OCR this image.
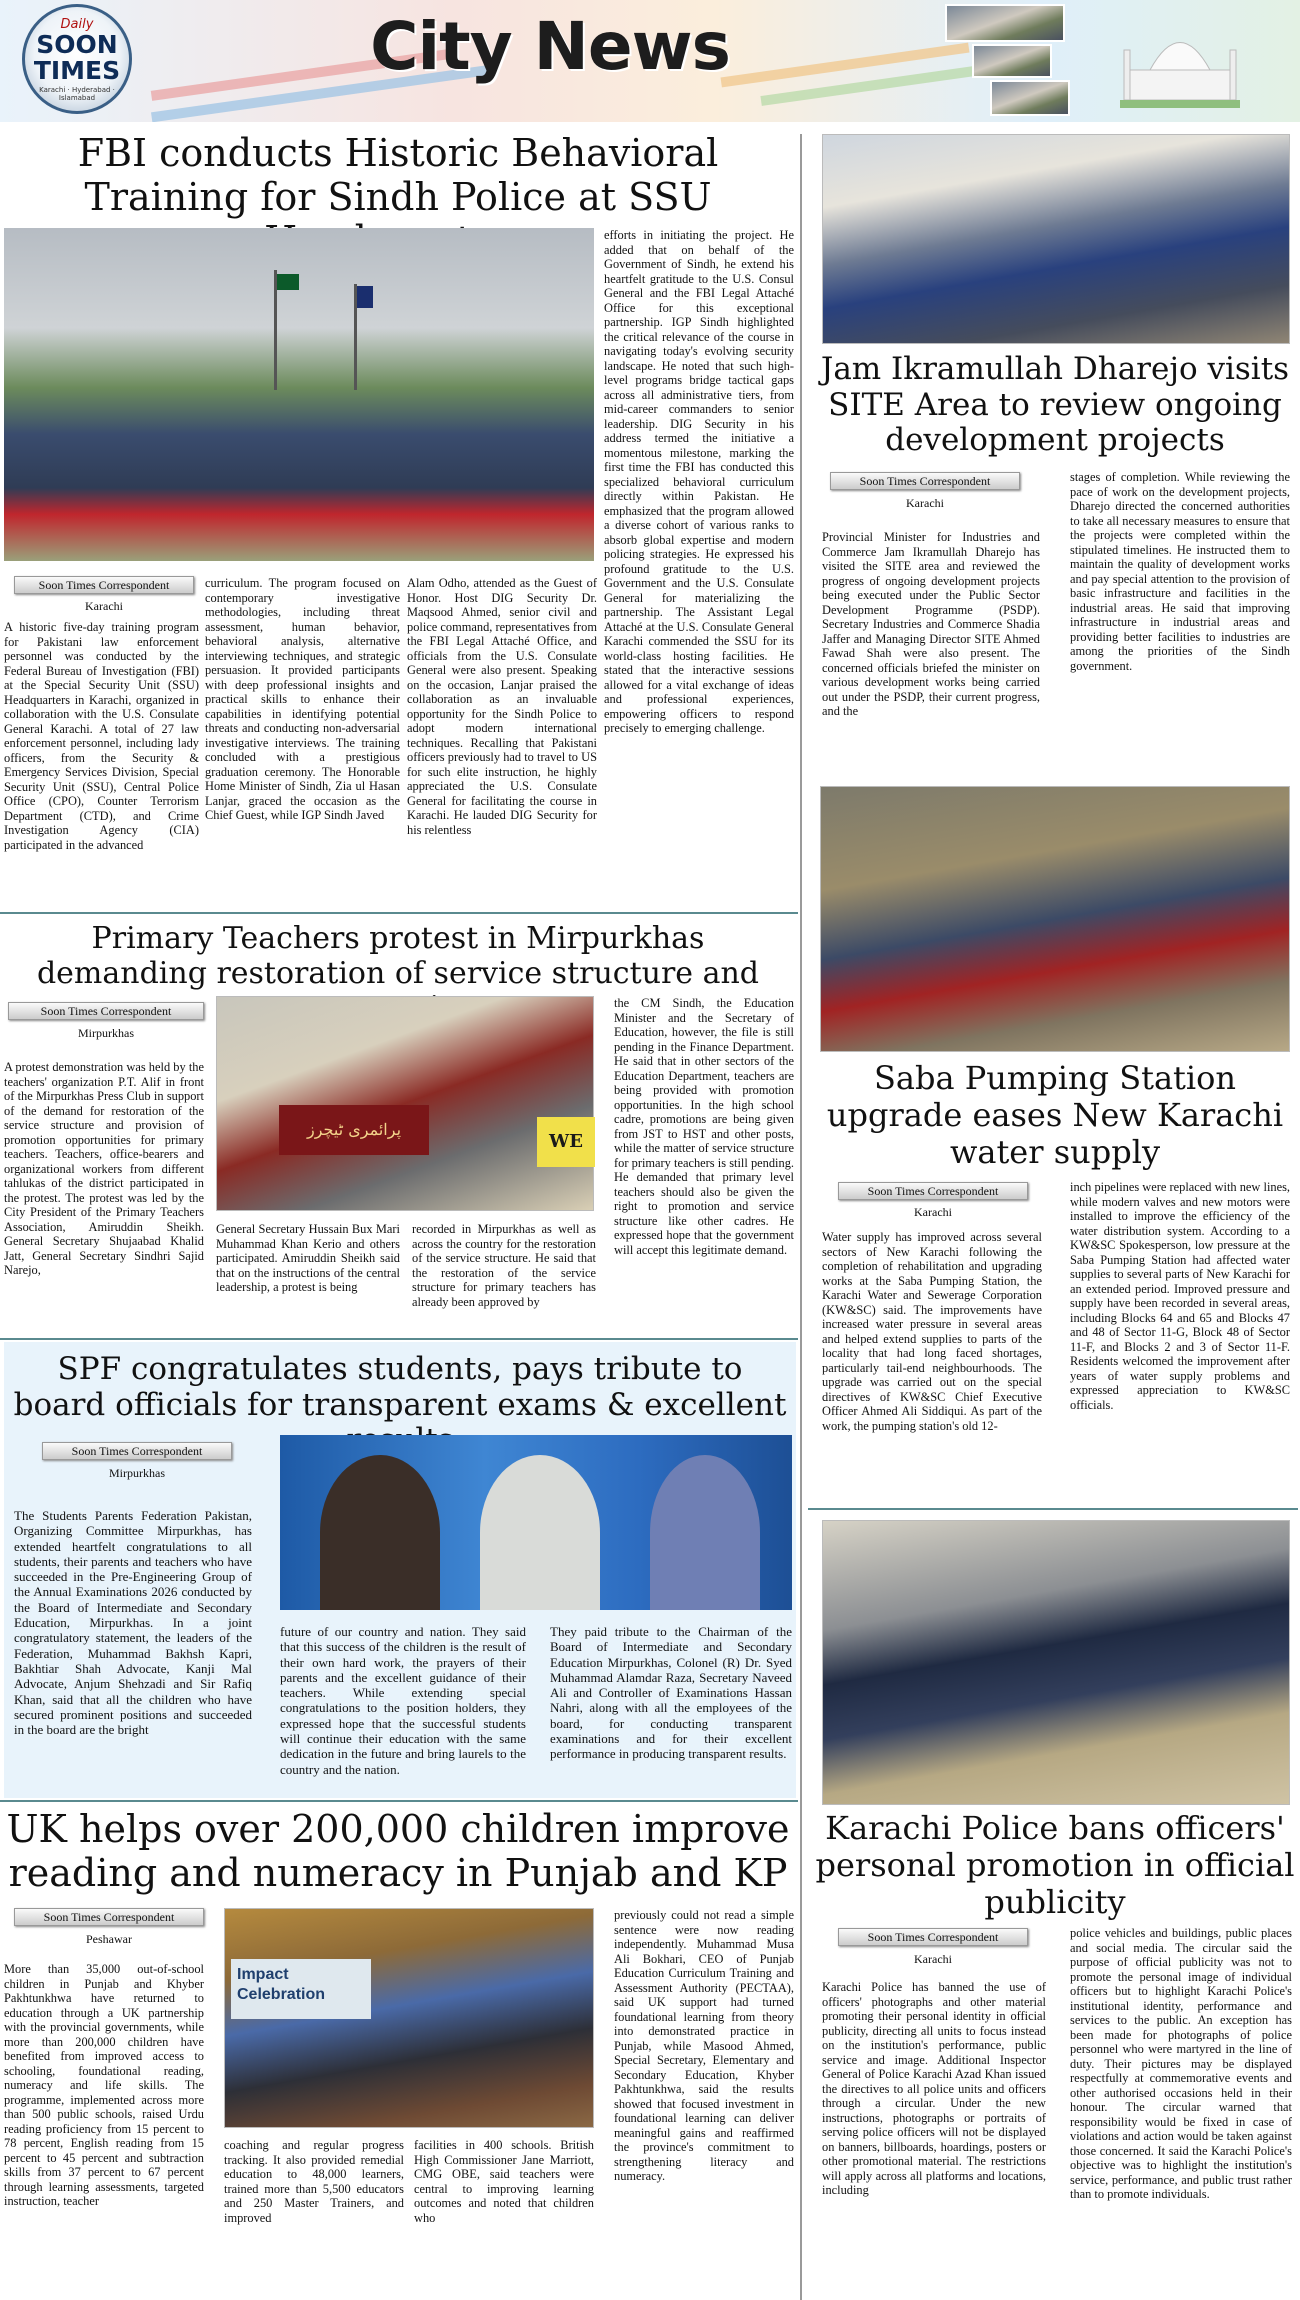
Daily
SOON TIMES
Karachi · Hyderabad · Islamabad
City News
FBI conducts Historic Behavioral Training for Sindh Police at SSU
Soon Times Correspondent
Karachi
A historic five-day training program for Pakistani law enforcement personnel was conducted by the Federal Bureau of Investigation (FBI) at the Special Security Unit (SSU) Headquarters in Karachi, organized in collaboration with the U.S. Consulate General Karachi. A total of 27 law enforcement personnel, including lady officers, from the Security & Emergency Services Division, Special Security Unit (SSU), Central Police Office (CPO), Counter Terrorism Department (CTD), and Crime Investigation Agency (CIA) participated in the advanced
curriculum. The program focused on contemporary investigative methodologies, including threat assessment, human behavior, behavioral analysis, alternative interviewing techniques, and strategic persuasion. It provided participants with deep professional insights and practical skills to enhance their capabilities in identifying potential threats and conducting non-adversarial investigative interviews. The training concluded with a prestigious graduation ceremony. The Honorable Home Minister of Sindh, Zia ul Hasan Lanjar, graced the occasion as the Chief Guest, while IGP Sindh Javed
Alam Odho, attended as the Guest of Honor. Host DIG Security Dr. Maqsood Ahmed, senior civil and police command, representatives from the FBI Legal Attaché Office, and officials from the U.S. Consulate General were also present. Speaking on the occasion, Lanjar praised the collaboration as an invaluable opportunity for the Sindh Police to adopt modern international techniques. Recalling that Pakistani officers previously had to travel to US for such elite instruction, he highly appreciated the U.S. Consulate General for facilitating the course in Karachi. He lauded DIG Security for his relentless
efforts in initiating the project. He added that on behalf of the Government of Sindh, he extend his heartfelt gratitude to the U.S. Consul General and the FBI Legal Attaché Office for this exceptional partnership. IGP Sindh highlighted the critical relevance of the course in navigating today's evolving security landscape. He noted that such high-level programs bridge tactical gaps across all administrative tiers, from mid-career commanders to senior leadership. DIG Security in his address termed the initiative a momentous milestone, marking the first time the FBI has conducted this specialized behavioral curriculum directly within Pakistan. He emphasized that the program allowed a diverse cohort of various ranks to absorb global expertise and modern policing strategies. He expressed his profound gratitude to the U.S. Government and the U.S. Consulate General for materializing the partnership. The Assistant Legal Attaché at the U.S. Consulate General Karachi commended the SSU for its world-class hosting facilities. He stated that the interactive sessions allowed for a vital exchange of ideas and professional experiences, empowering officers to respond precisely to emerging challenge.
Jam Ikramullah Dharejo visits SITE Area to review ongoing development projects
Soon Times Correspondent
Karachi
Provincial Minister for Industries and Commerce Jam Ikramullah Dharejo has visited the SITE area and reviewed the progress of ongoing development projects being executed under the Public Sector Development Programme (PSDP). Secretary Industries and Commerce Shadia Jaffer and Managing Director SITE Ahmed Fawad Shah were also present. The concerned officials briefed the minister on various development works being carried out under the PSDP, their current progress, and the
stages of completion. While reviewing the pace of work on the development projects, Dharejo directed the concerned authorities to take all necessary measures to ensure that the projects were completed within the stipulated timelines. He instructed them to maintain the quality of development works and pay special attention to the provision of basic infrastructure and facilities in the industrial areas. He said that improving infrastructure in industrial areas and providing better facilities to industries are among the priorities of the Sindh government.
Primary Teachers protest in Mirpurkhas demanding restoration of service structure and
Soon Times Correspondent
Mirpurkhas
پرائمری ٹیچرز
WE
A protest demonstration was held by the teachers' organization P.T. Alif in front of the Mirpurkhas Press Club in support of the demand for restoration of the service structure and provision of promotion opportunities for primary teachers. Teachers, office-bearers and organizational workers from different tahlukas of the district participated in the protest. The protest was led by the City President of the Primary Teachers Association, Amiruddin Sheikh. General Secretary Shujaabad Khalid Jatt, General Secretary Sindhri Sajid Narejo,
General Secretary Hussain Bux Mari Muhammad Khan Kerio and others participated. Amiruddin Sheikh said that on the instructions of the central leadership, a protest is being
recorded in Mirpurkhas as well as across the country for the restoration of the service structure. He said that the restoration of the service structure for primary teachers has already been approved by
the CM Sindh, the Education Minister and the Secretary of Education, however, the file is still pending in the Finance Department. He said that in other sectors of the Education Department, teachers are being provided with promotion opportunities. In the high school cadre, promotions are being given from JST to HST and other posts, while the matter of service structure for primary teachers is still pending. He demanded that primary level teachers should also be given the right to promotion and service structure like other cadres. He expressed hope that the government will accept this legitimate demand.
Saba Pumping Station upgrade eases New Karachi water supply
Soon Times Correspondent
Karachi
Water supply has improved across several sectors of New Karachi following the completion of rehabilitation and upgrading works at the Saba Pumping Station, the Karachi Water and Sewerage Corporation (KW&SC) said. The improvements have increased water pressure in several areas and helped extend supplies to parts of the locality that had long faced shortages, particularly tail-end neighbourhoods. The upgrade was carried out on the special directives of KW&SC Chief Executive Officer Ahmed Ali Siddiqui. As part of the work, the pumping station's old 12-
inch pipelines were replaced with new lines, while modern valves and new motors were installed to improve the efficiency of the water distribution system. According to a KW&SC Spokesperson, low pressure at the Saba Pumping Station had affected water supplies to several parts of New Karachi for an extended period. Improved pressure and supply have been recorded in several areas, including Blocks 64 and 65 and Blocks 47 and 48 of Sector 11-G, Block 48 of Sector 11-F, and Blocks 2 and 3 of Sector 11-F. Residents welcomed the improvement after years of water supply problems and expressed appreciation to KW&SC officials.
SPF congratulates students, pays tribute to board officials for transparent exams & excellent
Soon Times Correspondent
Mirpurkhas
The Students Parents Federation Pakistan, Organizing Committee Mirpurkhas, has extended heartfelt congratulations to all students, their parents and teachers who have succeeded in the Pre-Engineering Group of the Annual Examinations 2026 conducted by the Board of Intermediate and Secondary Education, Mirpurkhas. In a joint congratulatory statement, the leaders of the Federation, Muhammad Bakhsh Kapri, Bakhtiar Shah Advocate, Kanji Mal Advocate, Anjum Shehzadi and Sir Rafiq Khan, said that all the children who have secured prominent positions and succeeded in the board are the bright
future of our country and nation. They said that this success of the children is the result of their own hard work, the prayers of their parents and the excellent guidance of their teachers. While extending special congratulations to the position holders, they expressed hope that the successful students will continue their education with the same dedication in the future and bring laurels to the country and the nation.
They paid tribute to the Chairman of the Board of Intermediate and Secondary Education Mirpurkhas, Colonel (R) Dr. Syed Muhammad Alamdar Raza, Secretary Naveed Ali and Controller of Examinations Hassan Nahri, along with all the employees of the board, for conducting transparent examinations and for their excellent performance in producing transparent results.
UK helps over 200,000 children improve reading and numeracy in Punjab and KP
Soon Times Correspondent
Peshawar
Impact Celebration
More than 35,000 out-of-school children in Punjab and Khyber Pakhtunkhwa have returned to education through a UK partnership with the provincial governments, while more than 200,000 children have benefited from improved access to schooling, foundational reading, numeracy and life skills. The programme, implemented across more than 500 public schools, raised Urdu reading proficiency from 15 percent to 78 percent, English reading from 15 percent to 45 percent and subtraction skills from 37 percent to 67 percent through learning assessments, targeted instruction, teacher
coaching and regular progress tracking. It also provided remedial education to 48,000 learners, trained more than 5,500 educators and 250 Master Trainers, and improved
facilities in 400 schools. British High Commissioner Jane Marriott, CMG OBE, said teachers were central to improving learning outcomes and noted that children who
previously could not read a simple sentence were now reading independently. Muhammad Musa Ali Bokhari, CEO of Punjab Education Curriculum Training and Assessment Authority (PECTAA), said UK support had turned foundational learning from theory into demonstrated practice in Punjab, while Masood Ahmed, Special Secretary, Elementary and Secondary Education, Khyber Pakhtunkhwa, said the results showed that focused investment in foundational learning can deliver meaningful gains and reaffirmed the province's commitment to strengthening literacy and numeracy.
Karachi Police bans officers' personal promotion in official publicity
Soon Times Correspondent
Karachi
Karachi Police has banned the use of officers' photographs and other material promoting their personal identity in official publicity, directing all units to focus instead on the institution's performance, public service and image. Additional Inspector General of Police Karachi Azad Khan issued the directives to all police units and officers through a circular. Under the new instructions, photographs or portraits of serving police officers will not be displayed on banners, billboards, hoardings, posters or other promotional material. The restrictions will apply across all platforms and locations, including
police vehicles and buildings, public places and social media. The circular said the purpose of official publicity was not to promote the personal image of individual officers but to highlight Karachi Police's institutional identity, performance and services to the public. An exception has been made for photographs of police personnel who were martyred in the line of duty. Their pictures may be displayed respectfully at commemorative events and other authorised occasions held in their honour. The circular warned that responsibility would be fixed in case of violations and action would be taken against those concerned. It said the Karachi Police's objective was to highlight the institution's service, performance, and public trust rather than to promote individuals.
